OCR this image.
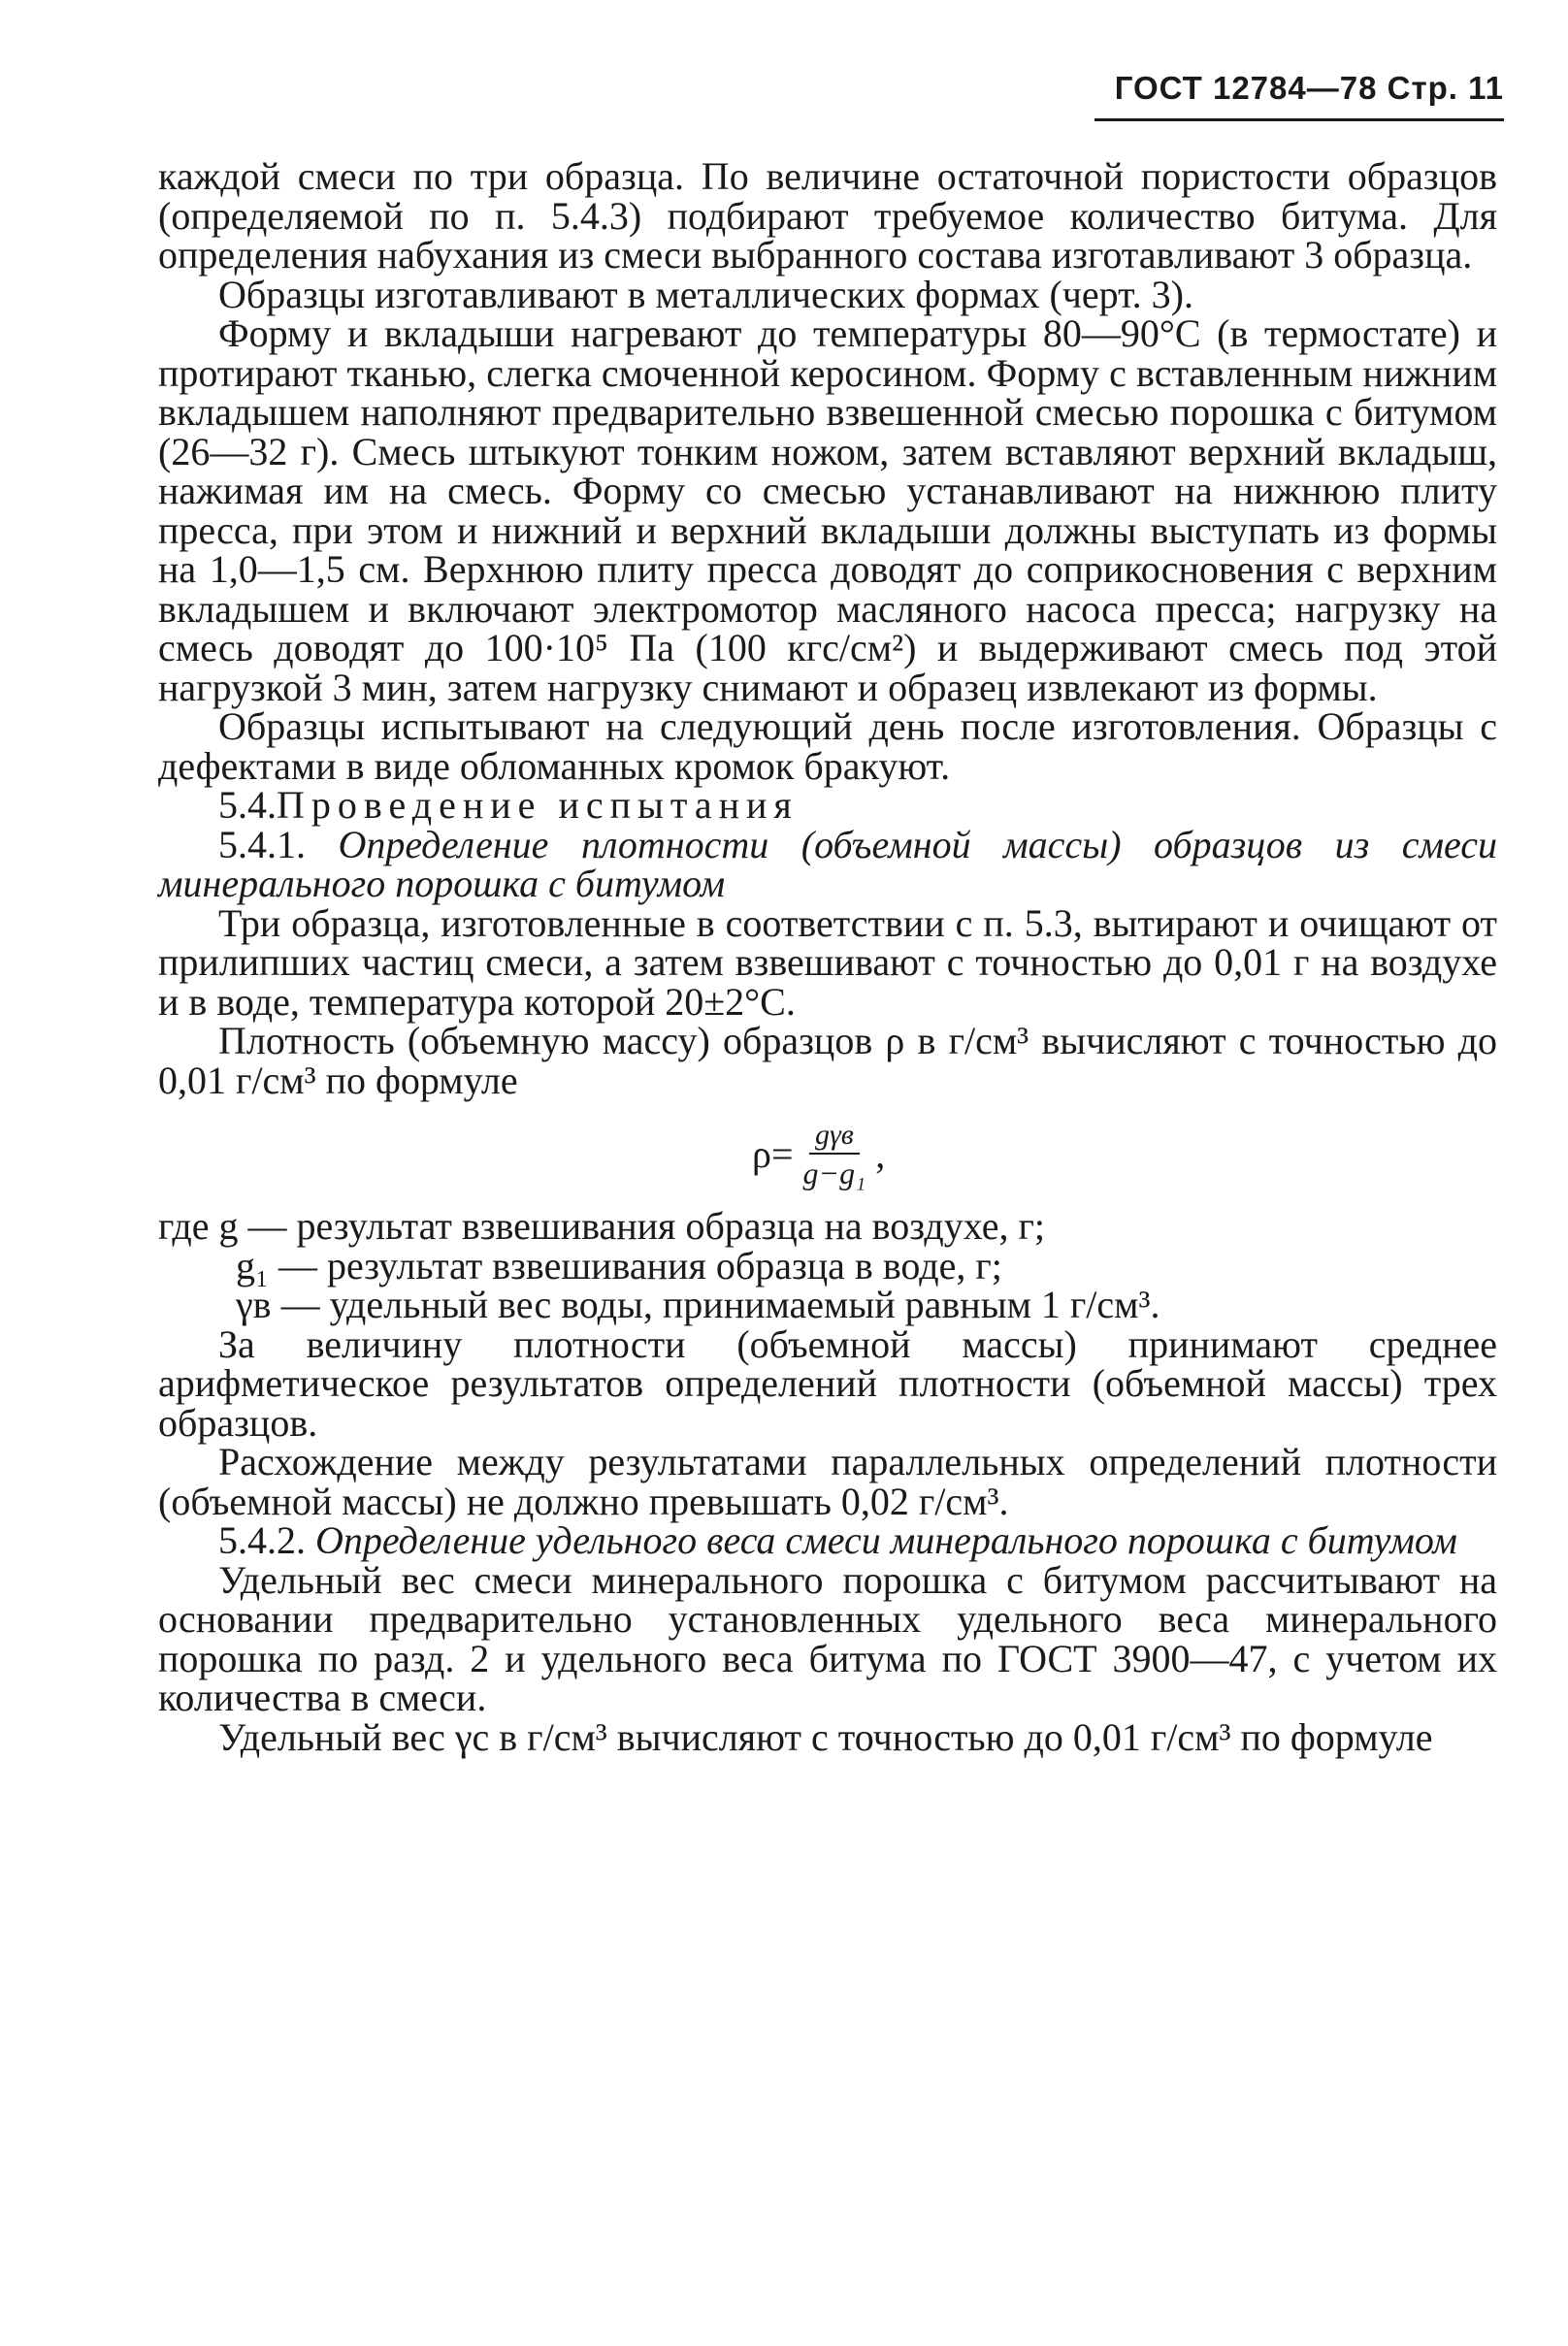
ГОСТ 12784—78 Стр. 11

каждой смеси по три образца. По величине остаточной пористости образцов (определяемой по п. 5.4.3) подбирают требуемое количество битума. Для определения набухания из смеси выбранного состава изготавливают 3 образца.

Образцы изготавливают в металлических формах (черт. 3).

Форму и вкладыши нагревают до температуры 80—90°С (в термостате) и протирают тканью, слегка смоченной керосином. Форму с вставленным нижним вкладышем наполняют предварительно взвешенной смесью порошка с битумом (26—32 г). Смесь штыкуют тонким ножом, затем вставляют верхний вкладыш, нажимая им на смесь. Форму со смесью устанавливают на нижнюю плиту пресса, при этом и нижний и верхний вкладыши должны выступать из формы на 1,0—1,5 см. Верхнюю плиту пресса доводят до соприкосновения с верхним вкладышем и включают электромотор масляного насоса пресса; нагрузку на смесь доводят до 100·10⁵ Па (100 кгс/см²) и выдерживают смесь под этой нагрузкой 3 мин, затем нагрузку снимают и образец извлекают из формы.

Образцы испытывают на следующий день после изготовления. Образцы с дефектами в виде обломанных кромок бракуют.

5.4.Проведение испытания

5.4.1. Определение плотности (объемной массы) образцов из смеси минерального порошка с битумом

Три образца, изготовленные в соответствии с п. 5.3, вытирают и очищают от прилипших частиц смеси, а затем взвешивают с точностью до 0,01 г на воздухе и в воде, температура которой 20±2°С.

Плотность (объемную массу) образцов ρ в г/см³ вычисляют с точностью до 0,01 г/см³ по формуле

$\rho= \frac{\text{gγв}}{\text{g−g₁}}$ ,

где g — результат взвешивания образца на воздухе, г;

g₁ — результат взвешивания образца в воде, г;

γв — удельный вес воды, принимаемый равным 1 г/см³.

За величину плотности (объемной массы) принимают среднее арифметическое результатов определений плотности (объемной массы) трех образцов.

Расхождение между результатами параллельных определений плотности (объемной массы) не должно превышать 0,02 г/см³.

5.4.2. Определение удельного веса смеси минерального порошка с битумом

Удельный вес смеси минерального порошка с битумом рассчитывают на основании предварительно установленных удельного веса минерального порошка по разд. 2 и удельного веса битума по ГОСТ 3900—47, с учетом их количества в смеси.

Удельный вес γc в г/см³ вычисляют с точностью до 0,01 г/см³ по формуле
